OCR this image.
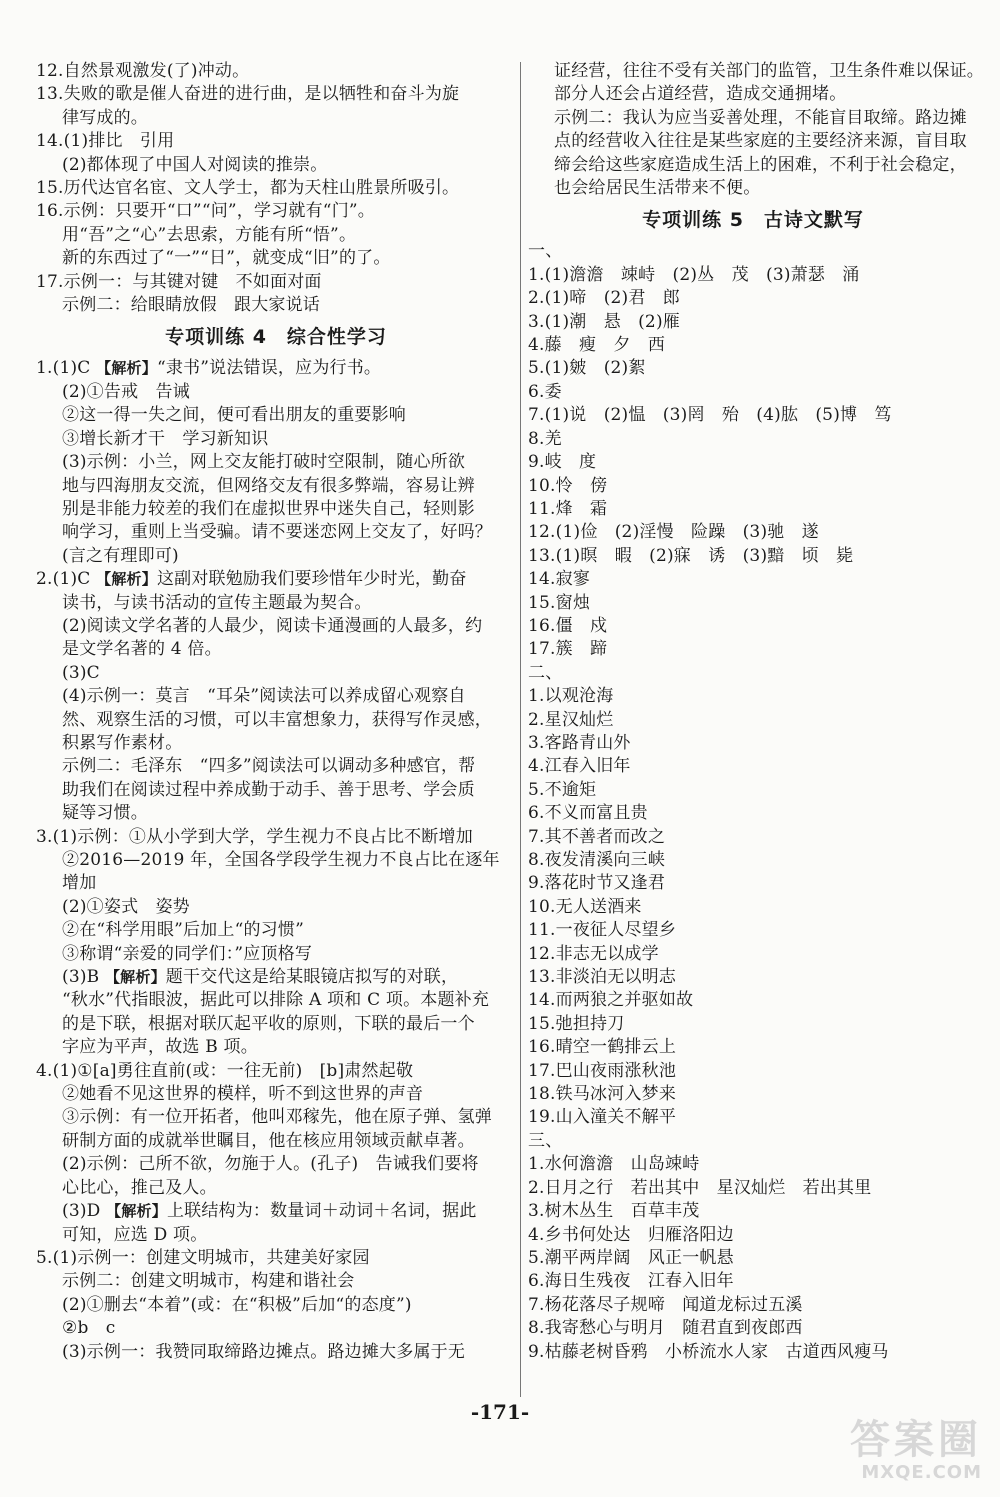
12.自然景观激发(了)冲动。
13.失败的歌是催人奋进的进行曲，是以牺牲和奋斗为旋
律写成的。
14.(1)排比　引用
(2)都体现了中国人对阅读的推崇。
15.历代达官名宦、文人学士，都为天柱山胜景所吸引。
16.示例：只要开“口”“问”，学习就有“门”。
用“吾”之“心”去思索，方能有所“悟”。
新的东西过了“一”“日”，就变成“旧”的了。
17.示例一：与其键对键　不如面对面
示例二：给眼睛放假　跟大家说话
专项训练 4　综合性学习
1.(1)C 【解析】“隶书”说法错误，应为行书。
(2)①告戒　告诫
②这一得一失之间，便可看出朋友的重要影响
③增长新才干　学习新知识
(3)示例：小兰，网上交友能打破时空限制，随心所欲
地与四海朋友交流，但网络交友有很多弊端，容易让辨
别是非能力较差的我们在虚拟世界中迷失自己，轻则影
响学习，重则上当受骗。请不要迷恋网上交友了，好吗？
(言之有理即可)
2.(1)C 【解析】这副对联勉励我们要珍惜年少时光，勤奋
读书，与读书活动的宣传主题最为契合。
(2)阅读文学名著的人最少，阅读卡通漫画的人最多，约
是文学名著的 4 倍。
(3)C
(4)示例一：莫言　“耳朵”阅读法可以养成留心观察自
然、观察生活的习惯，可以丰富想象力，获得写作灵感，
积累写作素材。
示例二：毛泽东　“四多”阅读法可以调动多种感官，帮
助我们在阅读过程中养成勤于动手、善于思考、学会质
疑等习惯。
3.(1)示例：①从小学到大学，学生视力不良占比不断增加
②2016—2019 年，全国各学段学生视力不良占比在逐年
增加
(2)①姿式　姿势
②在“科学用眼”后加上“的习惯”
③称谓“亲爱的同学们：”应顶格写
(3)B 【解析】题干交代这是给某眼镜店拟写的对联，
“秋水”代指眼波，据此可以排除 A 项和 C 项。本题补充
的是下联，根据对联仄起平收的原则，下联的最后一个
字应为平声，故选 B 项。
4.(1)①[a]勇往直前(或：一往无前)　[b]肃然起敬
②她看不见这世界的模样，听不到这世界的声音
③示例：有一位开拓者，他叫邓稼先，他在原子弹、氢弹
研制方面的成就举世瞩目，他在核应用领域贡献卓著。
(2)示例：己所不欲，勿施于人。(孔子)　告诫我们要将
心比心，推己及人。
(3)D 【解析】上联结构为：数量词＋动词＋名词，据此
可知，应选 D 项。
5.(1)示例一：创建文明城市，共建美好家园
示例二：创建文明城市，构建和谐社会
(2)①删去“本着”(或：在“积极”后加“的态度”)
②b　c
(3)示例一：我赞同取缔路边摊点。路边摊大多属于无
证经营，往往不受有关部门的监管，卫生条件难以保证。
部分人还会占道经营，造成交通拥堵。
示例二：我认为应当妥善处理，不能盲目取缔。路边摊
点的经营收入往往是某些家庭的主要经济来源，盲目取
缔会给这些家庭造成生活上的困难，不利于社会稳定，
也会给居民生活带来不便。
专项训练 5　古诗文默写
一、
1.(1)澹澹　竦峙　(2)丛　茂　(3)萧瑟　涌
2.(1)啼　(2)君　郎
3.(1)潮　悬　(2)雁
4.藤　瘦　夕　西
5.(1)皴　(2)絮
6.委
7.(1)说　(2)愠　(3)罔　殆　(4)肱　(5)博　笃
8.羌
9.岐　度
10.怜　傍
11.烽　霜
12.(1)俭　(2)淫慢　险躁　(3)驰　遂
13.(1)暝　暇　(2)寐　诱　(3)黯　顷　毙
14.寂寥
15.窗烛
16.僵　戍
17.簇　蹄
二、
1.以观沧海
2.星汉灿烂
3.客路青山外
4.江春入旧年
5.不逾矩
6.不义而富且贵
7.其不善者而改之
8.夜发清溪向三峡
9.落花时节又逢君
10.无人送酒来
11.一夜征人尽望乡
12.非志无以成学
13.非淡泊无以明志
14.而两狼之并驱如故
15.弛担持刀
16.晴空一鹤排云上
17.巴山夜雨涨秋池
18.铁马冰河入梦来
19.山入潼关不解平
三、
1.水何澹澹　山岛竦峙
2.日月之行　若出其中　星汉灿烂　若出其里
3.树木丛生　百草丰茂
4.乡书何处达　归雁洛阳边
5.潮平两岸阔　风正一帆悬
6.海日生残夜　江春入旧年
7.杨花落尽子规啼　闻道龙标过五溪
8.我寄愁心与明月　随君直到夜郎西
9.枯藤老树昏鸦　小桥流水人家　古道西风瘦马
-171-
答案圈
MXQE.COM
